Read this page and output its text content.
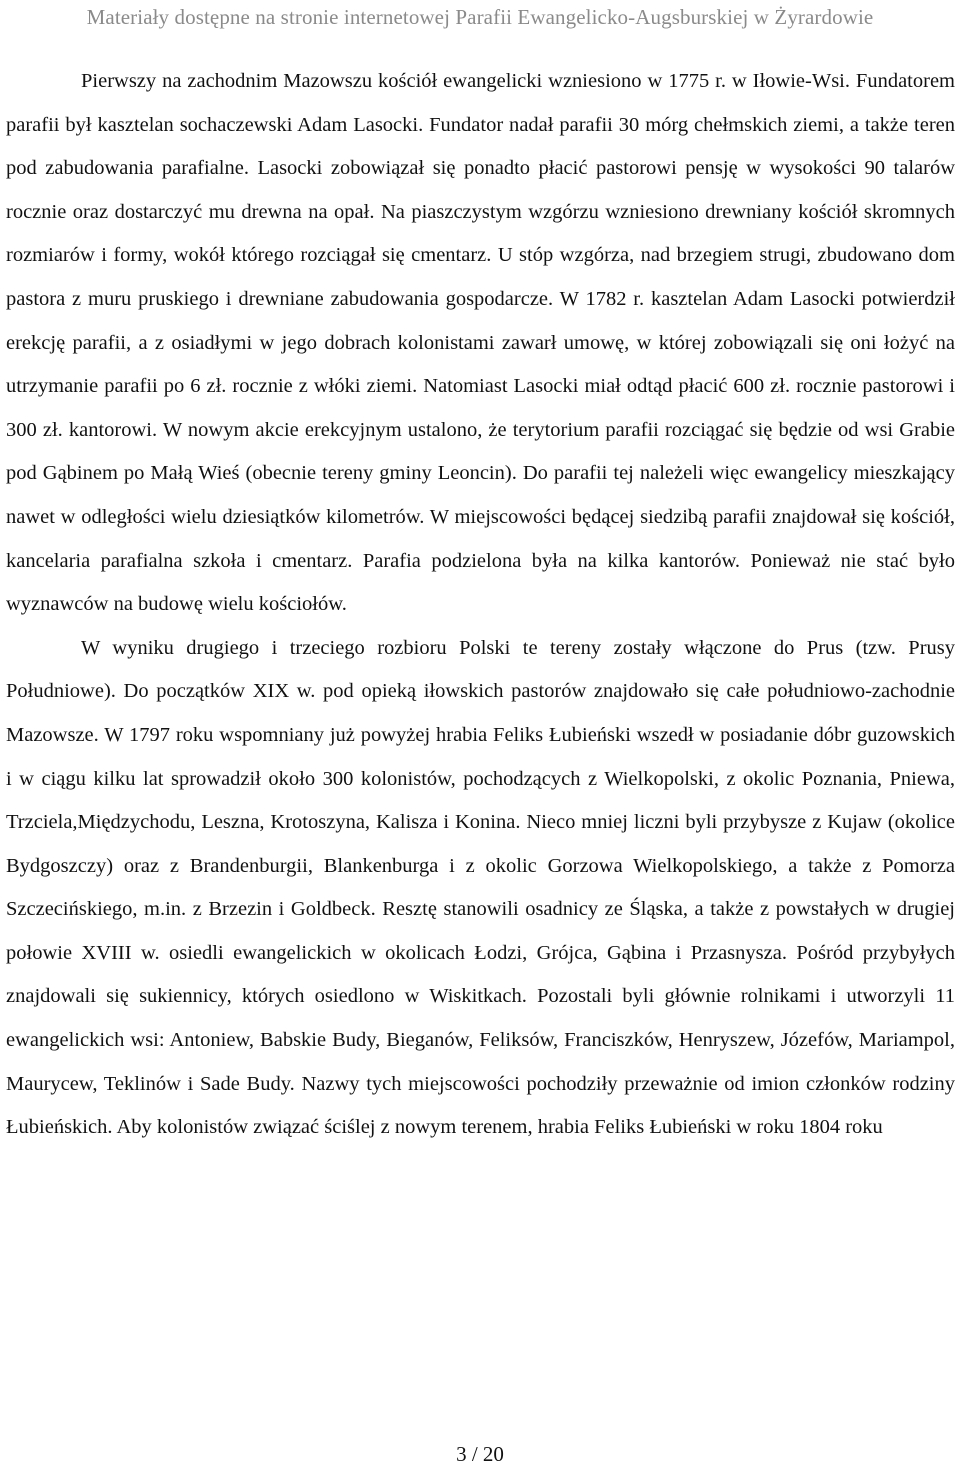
Materiały dostępne na stronie internetowej Parafii Ewangelicko-Augsburskiej w Żyrardowie

Pierwszy na zachodnim Mazowszu kościół ewangelicki wzniesiono w 1775 r. w Iłowie-Wsi. Fundatorem parafii był kasztelan sochaczewski Adam Lasocki. Fundator nadał parafii 30 mórg chełmskich ziemi, a także teren pod zabudowania parafialne. Lasocki zobowiązał się ponadto płacić pastorowi pensję w wysokości 90 talarów rocznie oraz dostarczyć mu drewna na opał. Na piaszczystym wzgórzu wzniesiono drewniany kościół skromnych rozmiarów i formy, wokół którego rozciągał się cmentarz. U stóp wzgórza, nad brzegiem strugi, zbudowano dom pastora z muru pruskiego i drewniane zabudowania gospodarcze. W 1782 r. kasztelan Adam Lasocki potwierdził erekcję parafii, a z osiadłymi w jego dobrach kolonistami zawarł umowę, w której zobowiązali się oni łożyć na utrzymanie parafii po 6 zł. rocznie z włóki ziemi. Natomiast Lasocki miał odtąd płacić 600 zł. rocznie pastorowi i 300 zł. kantorowi. W nowym akcie erekcyjnym ustalono, że terytorium parafii rozciągać się będzie od wsi Grabie pod Gąbinem po Małą Wieś (obecnie tereny gminy Leoncin). Do parafii tej należeli więc ewangelicy mieszkający nawet w odległości wielu dziesiątków kilometrów. W miejscowości będącej siedzibą parafii znajdował się kościół, kancelaria parafialna szkoła i cmentarz. Parafia podzielona była na kilka kantorów. Ponieważ nie stać było wyznawców na budowę wielu kościołów.

W wyniku drugiego i trzeciego rozbioru Polski te tereny zostały włączone do Prus (tzw. Prusy Południowe). Do początków XIX w. pod opieką iłowskich pastorów znajdowało się całe południowo-zachodnie Mazowsze. W 1797 roku wspomniany już powyżej hrabia Feliks Łubieński wszedł w posiadanie dóbr guzowskich i w ciągu kilku lat sprowadził około 300 kolonistów, pochodzących z Wielkopolski, z okolic Poznania, Pniewa, Trzciela,Międzychodu, Leszna, Krotoszyna, Kalisza i Konina. Nieco mniej liczni byli przybysze z Kujaw (okolice Bydgoszczy) oraz z Brandenburgii, Blankenburga i z okolic Gorzowa Wielkopolskiego, a także z Pomorza Szczecińskiego, m.in. z Brzezin i Goldbeck. Resztę stanowili osadnicy ze Śląska, a także z powstałych w drugiej połowie XVIII w. osiedli ewangelickich w okolicach Łodzi, Grójca, Gąbina i Przasnysza. Pośród przybyłych znajdowali się sukiennicy, których osiedlono w Wiskitkach. Pozostali byli głównie rolnikami i utworzyli 11 ewangelickich wsi: Antoniew, Babskie Budy, Bieganów, Feliksów, Franciszków, Henryszew, Józefów, Mariampol, Maurycew, Teklinów i Sade Budy. Nazwy tych miejscowości pochodziły przeważnie od imion członków rodziny Łubieńskich. Aby kolonistów związać ściślej z nowym terenem, hrabia Feliks Łubieński w roku 1804 roku

3 / 20
